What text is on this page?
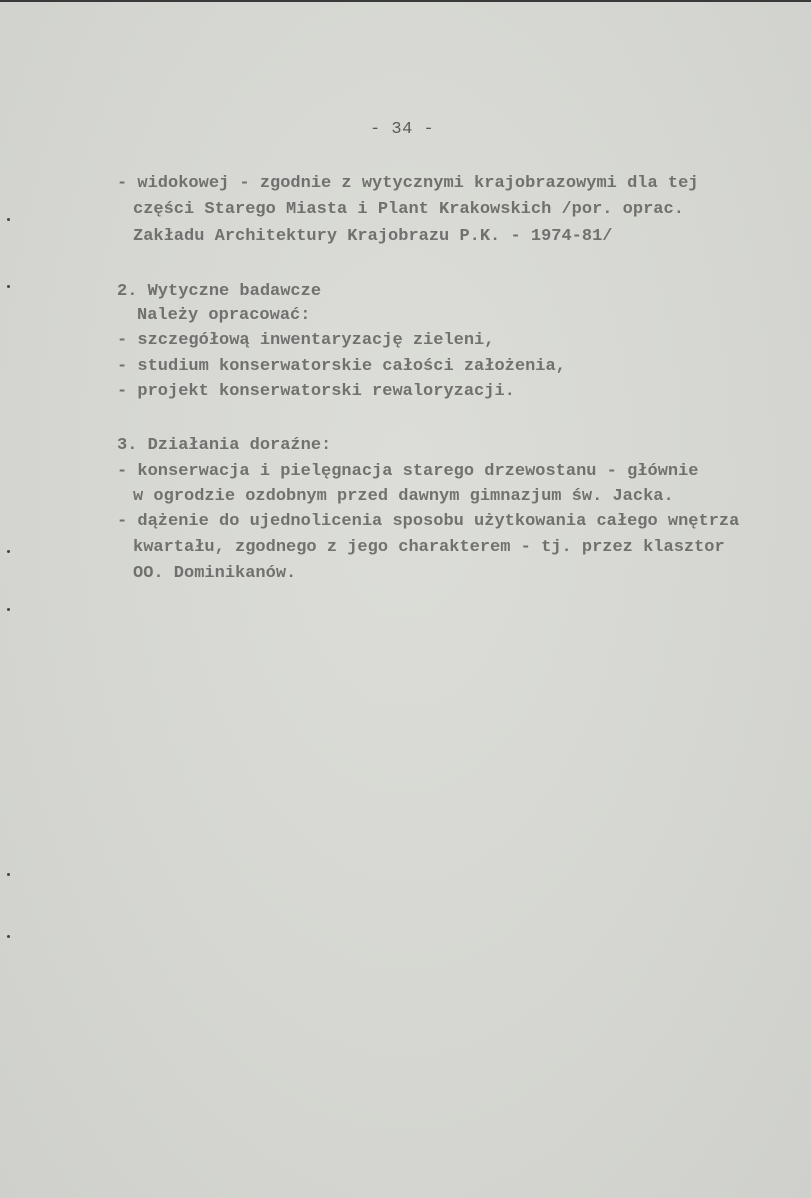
- 34 -
- widokowej - zgodnie z wytycznymi krajobrazowymi dla tej
części Starego Miasta i Plant Krakowskich /por. oprac.
Zakładu Architektury Krajobrazu P.K. - 1974-81/
2. Wytyczne badawcze
Należy opracować:
- szczegółową inwentaryzację zieleni,
- studium konserwatorskie całości założenia,
- projekt konserwatorski rewaloryzacji.
3. Działania doraźne:
- konserwacja i pielęgnacja starego drzewostanu - głównie
w ogrodzie ozdobnym przed dawnym gimnazjum św. Jacka.
- dążenie do ujednolicenia sposobu użytkowania całego wnętrza
kwartału, zgodnego z jego charakterem - tj. przez klasztor
OO. Dominikanów.
